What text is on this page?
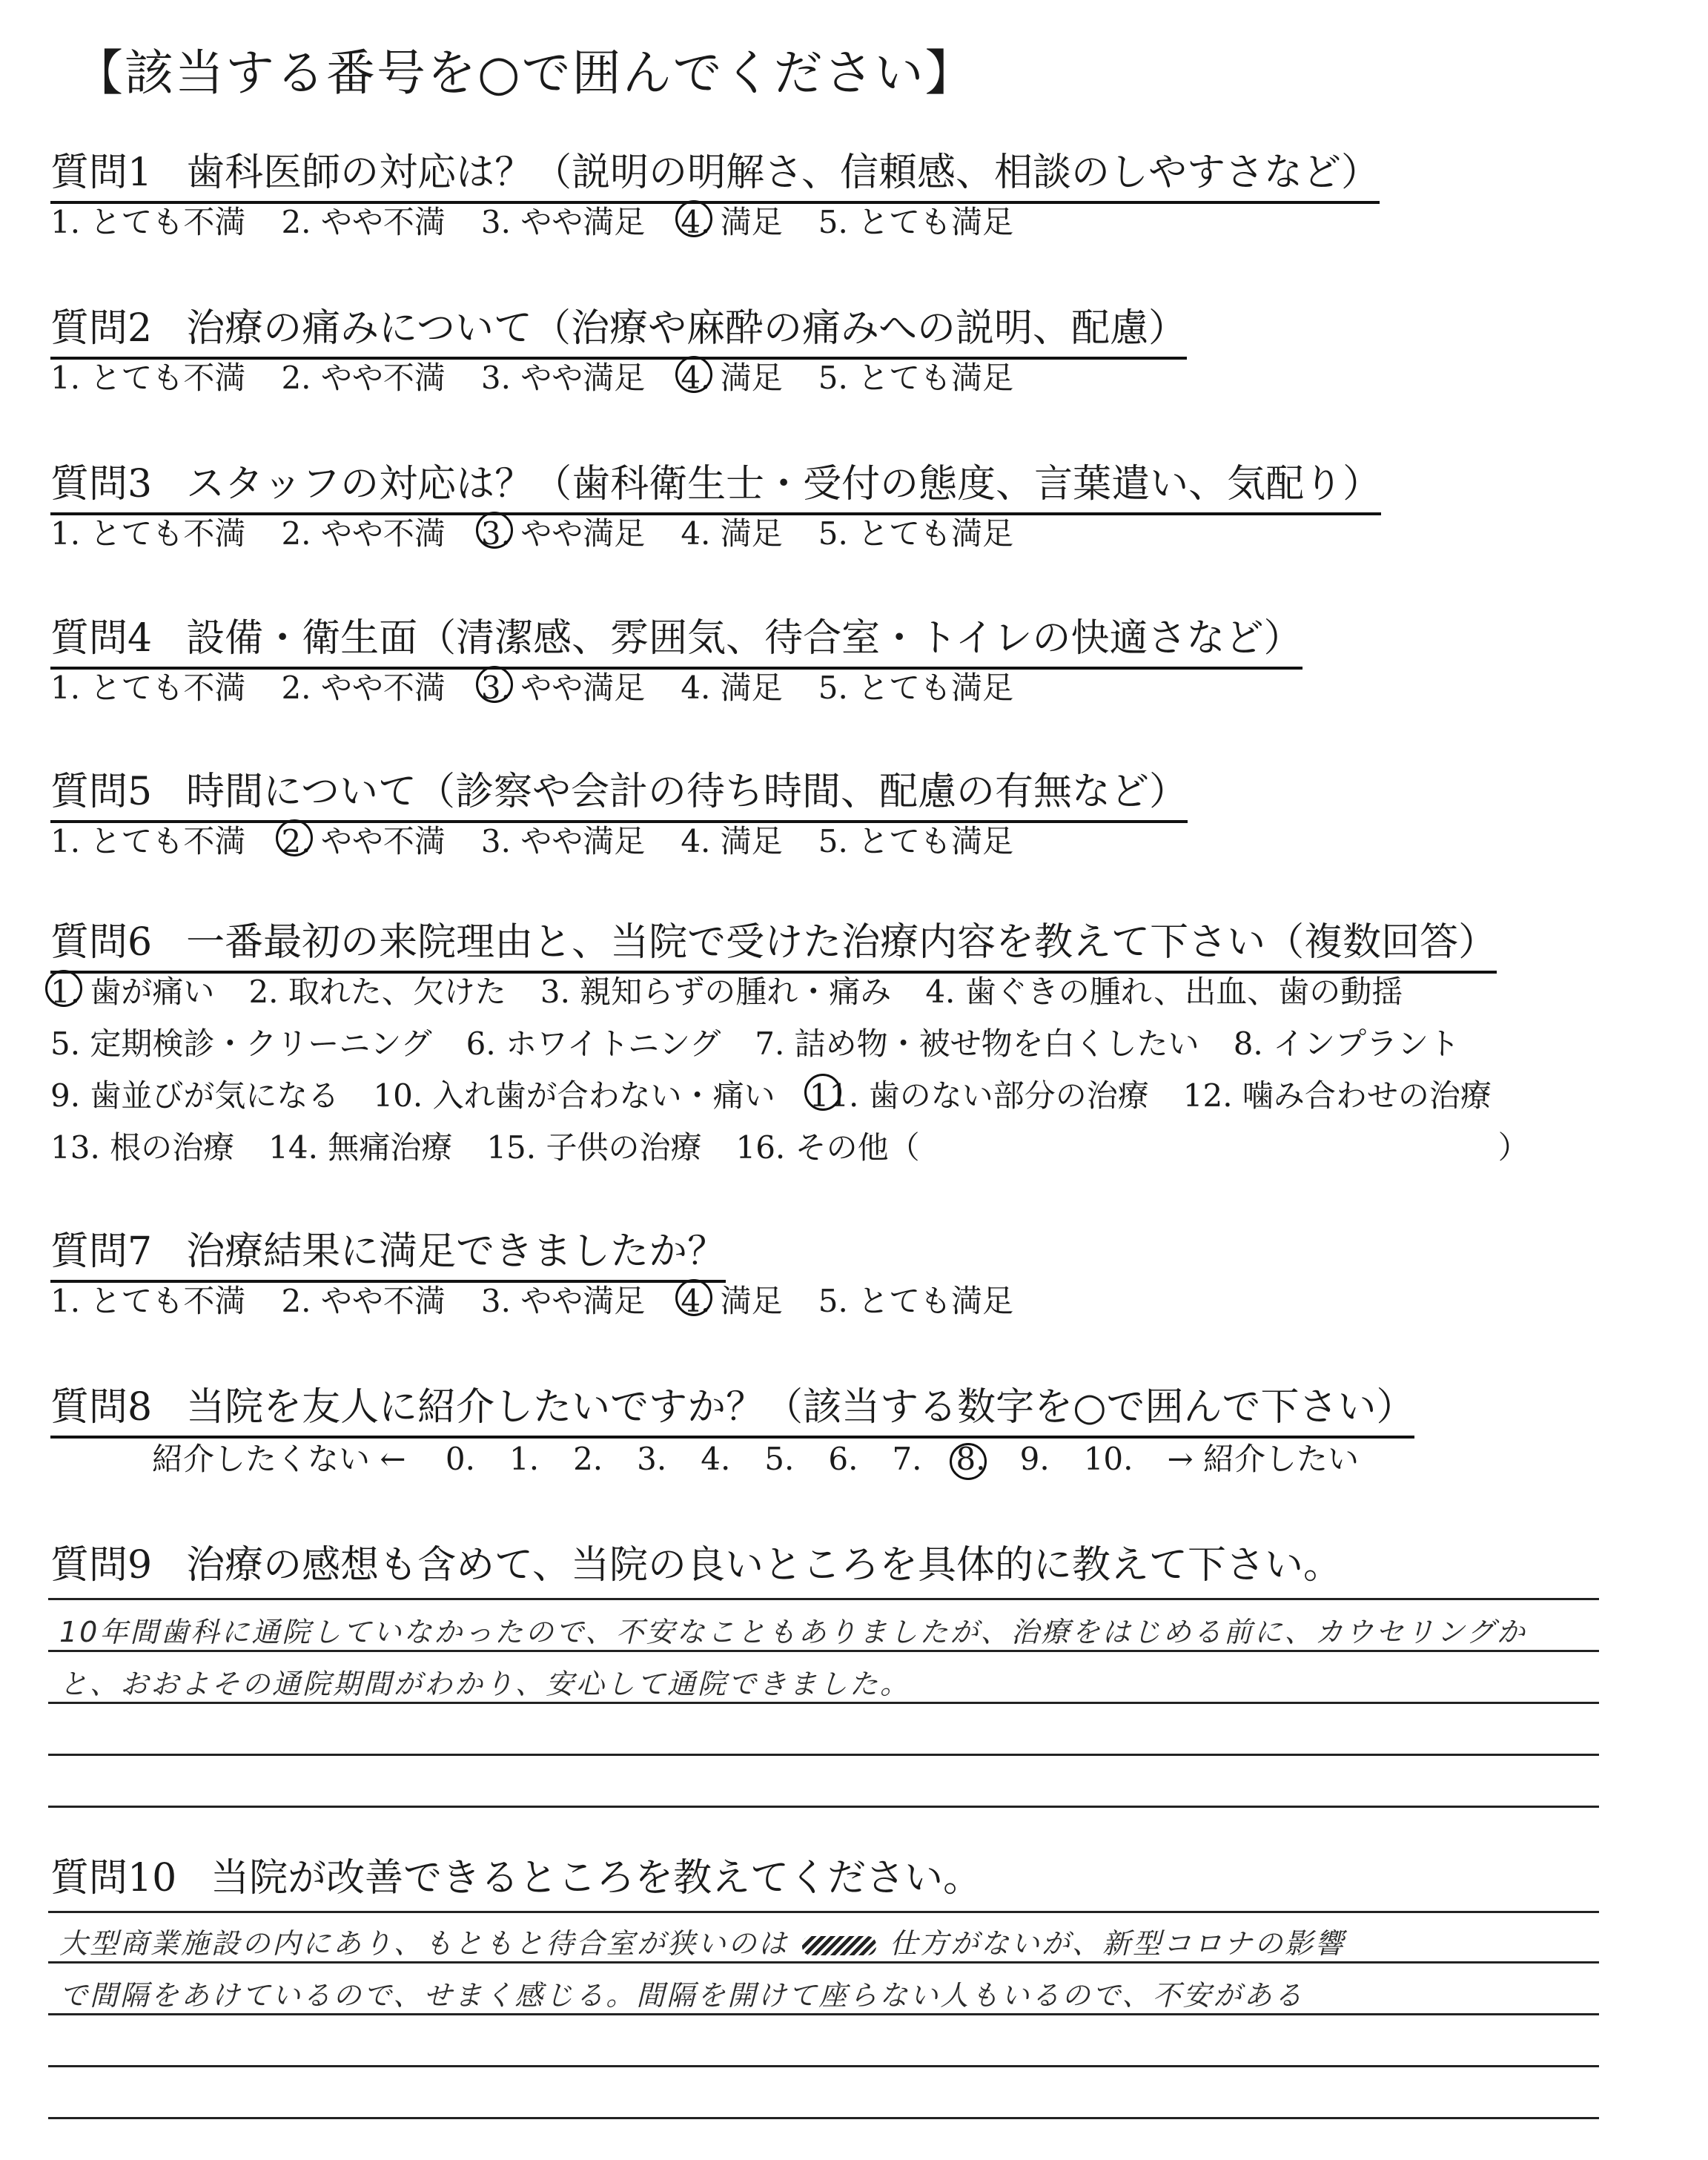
【該当する番号を○で囲んでください】
質問1 歯科医師の対応は？（説明の明解さ、信頼感、相談のしやすさなど）
1. とても不満 2. やや不満 3. やや満足 4. 満足 5. とても満足
質問2 治療の痛みについて（治療や麻酔の痛みへの説明、配慮）
1. とても不満 2. やや不満 3. やや満足 4. 満足 5. とても満足
質問3 スタッフの対応は？（歯科衛生士・受付の態度、言葉遣い、気配り）
1. とても不満 2. やや不満 3. やや満足 4. 満足 5. とても満足
質問4 設備・衛生面（清潔感、雰囲気、待合室・トイレの快適さなど）
1. とても不満 2. やや不満 3. やや満足 4. 満足 5. とても満足
質問5 時間について（診察や会計の待ち時間、配慮の有無など）
1. とても不満 2. やや不満 3. やや満足 4. 満足 5. とても満足
質問6 一番最初の来院理由と、当院で受けた治療内容を教えて下さい（複数回答）
1. 歯が痛い 2. 取れた、欠けた 3. 親知らずの腫れ・痛み 4. 歯ぐきの腫れ、出血、歯の動揺
5. 定期検診・クリーニング 6. ホワイトニング 7. 詰め物・被せ物を白くしたい 8. インプラント
9. 歯並びが気になる 10. 入れ歯が合わない・痛い 11. 歯のない部分の治療 12. 噛み合わせの治療
13. 根の治療 14. 無痛治療 15. 子供の治療 16. その他（	）
質問7 治療結果に満足できましたか？
1. とても不満 2. やや不満 3. やや満足 4. 満足 5. とても満足
質問8 当院を友人に紹介したいですか？（該当する数字を○で囲んで下さい）
紹介したくない ← 0. 1. 2. 3. 4. 5. 6. 7. 8. 9. 10. → 紹介したい
質問9 治療の感想も含めて、当院の良いところを具体的に教えて下さい。
10年間歯科に通院していなかったので、不安なこともありましたが、治療をはじめる前に、カウセリングか
と、おおよその通院期間がわかり、安心して通院できました。
質問10 当院が改善できるところを教えてください。
大型商業施設の内にあり、もともと待合室が狭いのは	仕方がないが、新型コロナの影響
で間隔をあけているので、せまく感じる。間隔を開けて座らない人もいるので、不安がある
